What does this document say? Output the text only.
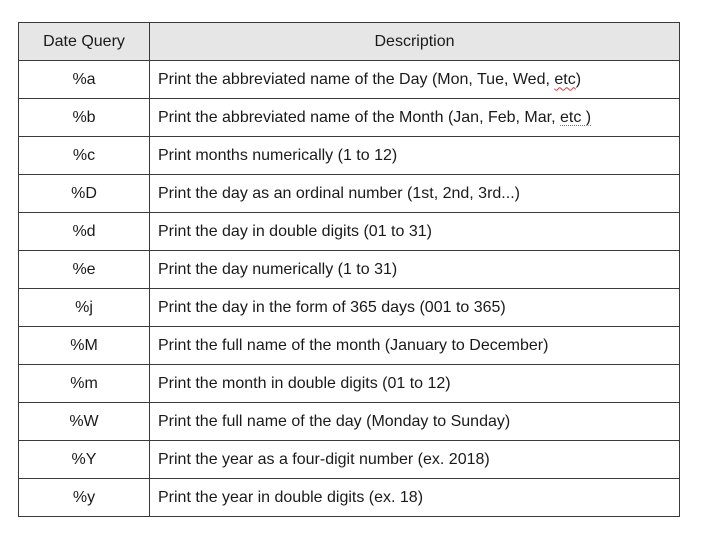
Date Query	Description
%a	Print the abbreviated name of the Day (Mon, Tue, Wed, etc)
%b	Print the abbreviated name of the Month (Jan, Feb, Mar, etc )
%c	Print months numerically (1 to 12)
%D	Print the day as an ordinal number (1st, 2nd, 3rd...)
%d	Print the day in double digits (01 to 31)
%e	Print the day numerically (1 to 31)
%j	Print the day in the form of 365 days (001 to 365)
%M	Print the full name of the month (January to December)
%m	Print the month in double digits (01 to 12)
%W	Print the full name of the day (Monday to Sunday)
%Y	Print the year as a four-digit number (ex. 2018)
%y	Print the year in double digits (ex. 18)
